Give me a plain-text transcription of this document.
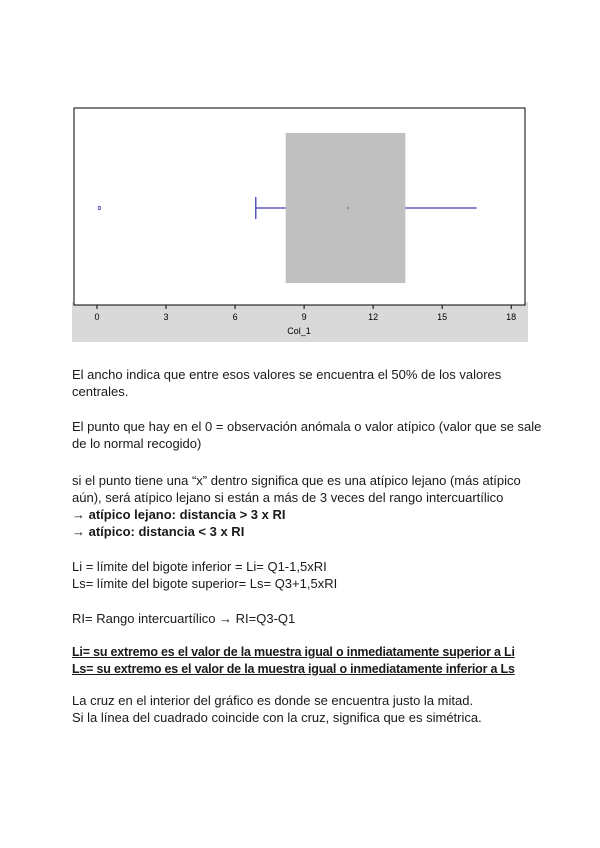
0	3	6	9	12	15	18
Col_1

El ancho indica que entre esos valores se encuentra el 50% de los valores centrales.

El punto que hay en el 0 = observación anómala o valor atípico (valor que se sale de lo normal recogido)

si el punto tiene una “x” dentro significa que es una atípico lejano (más atípico aún), será atípico lejano si están a más de 3 veces del rango intercuartílico
→ atípico lejano: distancia > 3 x RI
→ atípico: distancia < 3 x RI
Li = límite del bigote inferior = Li= Q1-1,5xRI
Ls= límite del bigote superior= Ls= Q3+1,5xRI

RI= Rango intercuartílico → RI=Q3-Q1

Li= su extremo es el valor de la muestra igual o inmediatamente superior a Li
Ls= su extremo es el valor de la muestra igual o inmediatamente inferior a Ls
La cruz en el interior del gráfico es donde se encuentra justo la mitad.
Si la línea del cuadrado coincide con la cruz, significa que es simétrica.
